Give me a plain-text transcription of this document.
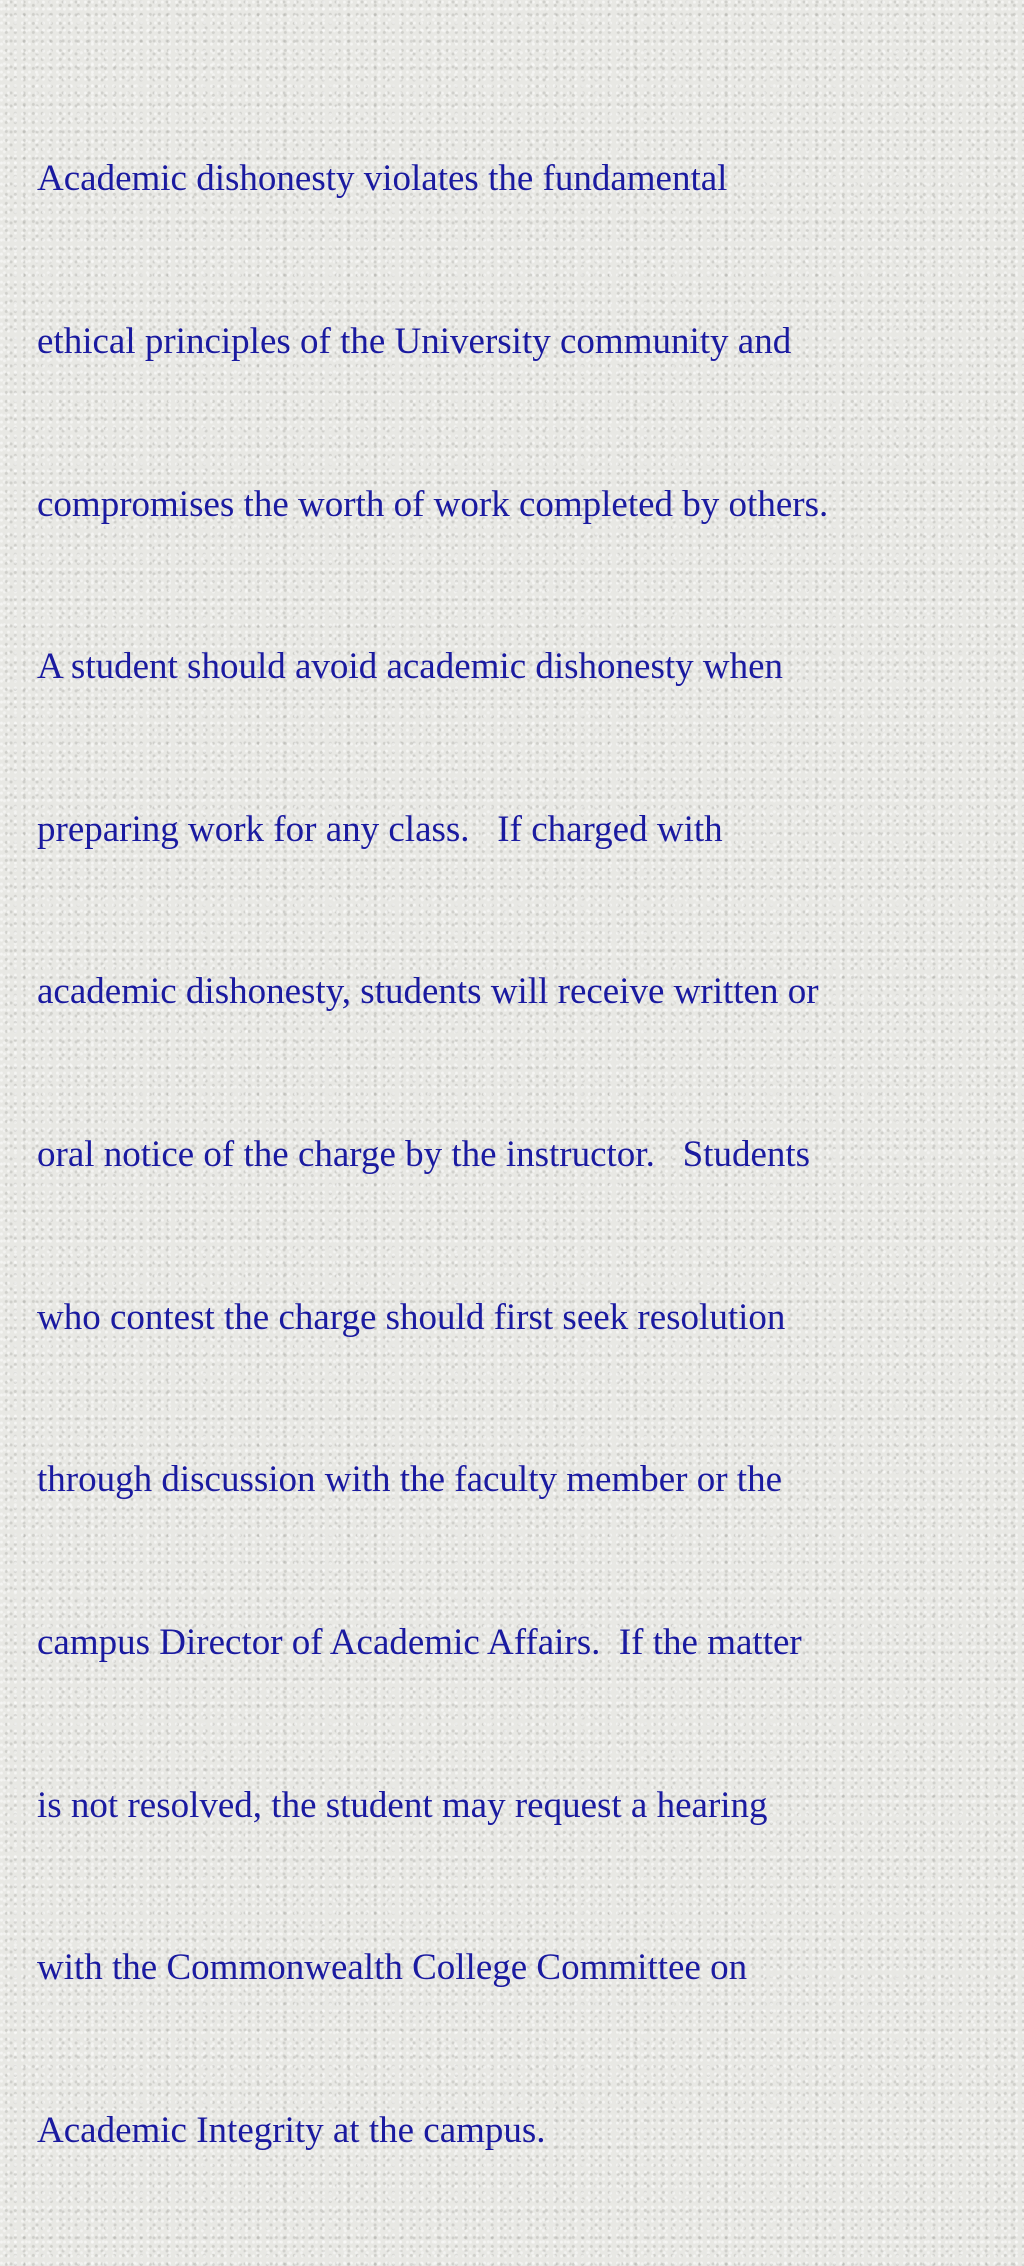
Academic dishonesty violates the fundamental

ethical principles of the University community and

compromises the worth of work completed by others.

A student should avoid academic dishonesty when

preparing work for any class.   If charged with

academic dishonesty, students will receive written or

oral notice of the charge by the instructor.   Students

who contest the charge should first seek resolution

through discussion with the faculty member or the

campus Director of Academic Affairs.  If the matter

is not resolved, the student may request a hearing

with the Commonwealth College Committee on

Academic Integrity at the campus.
